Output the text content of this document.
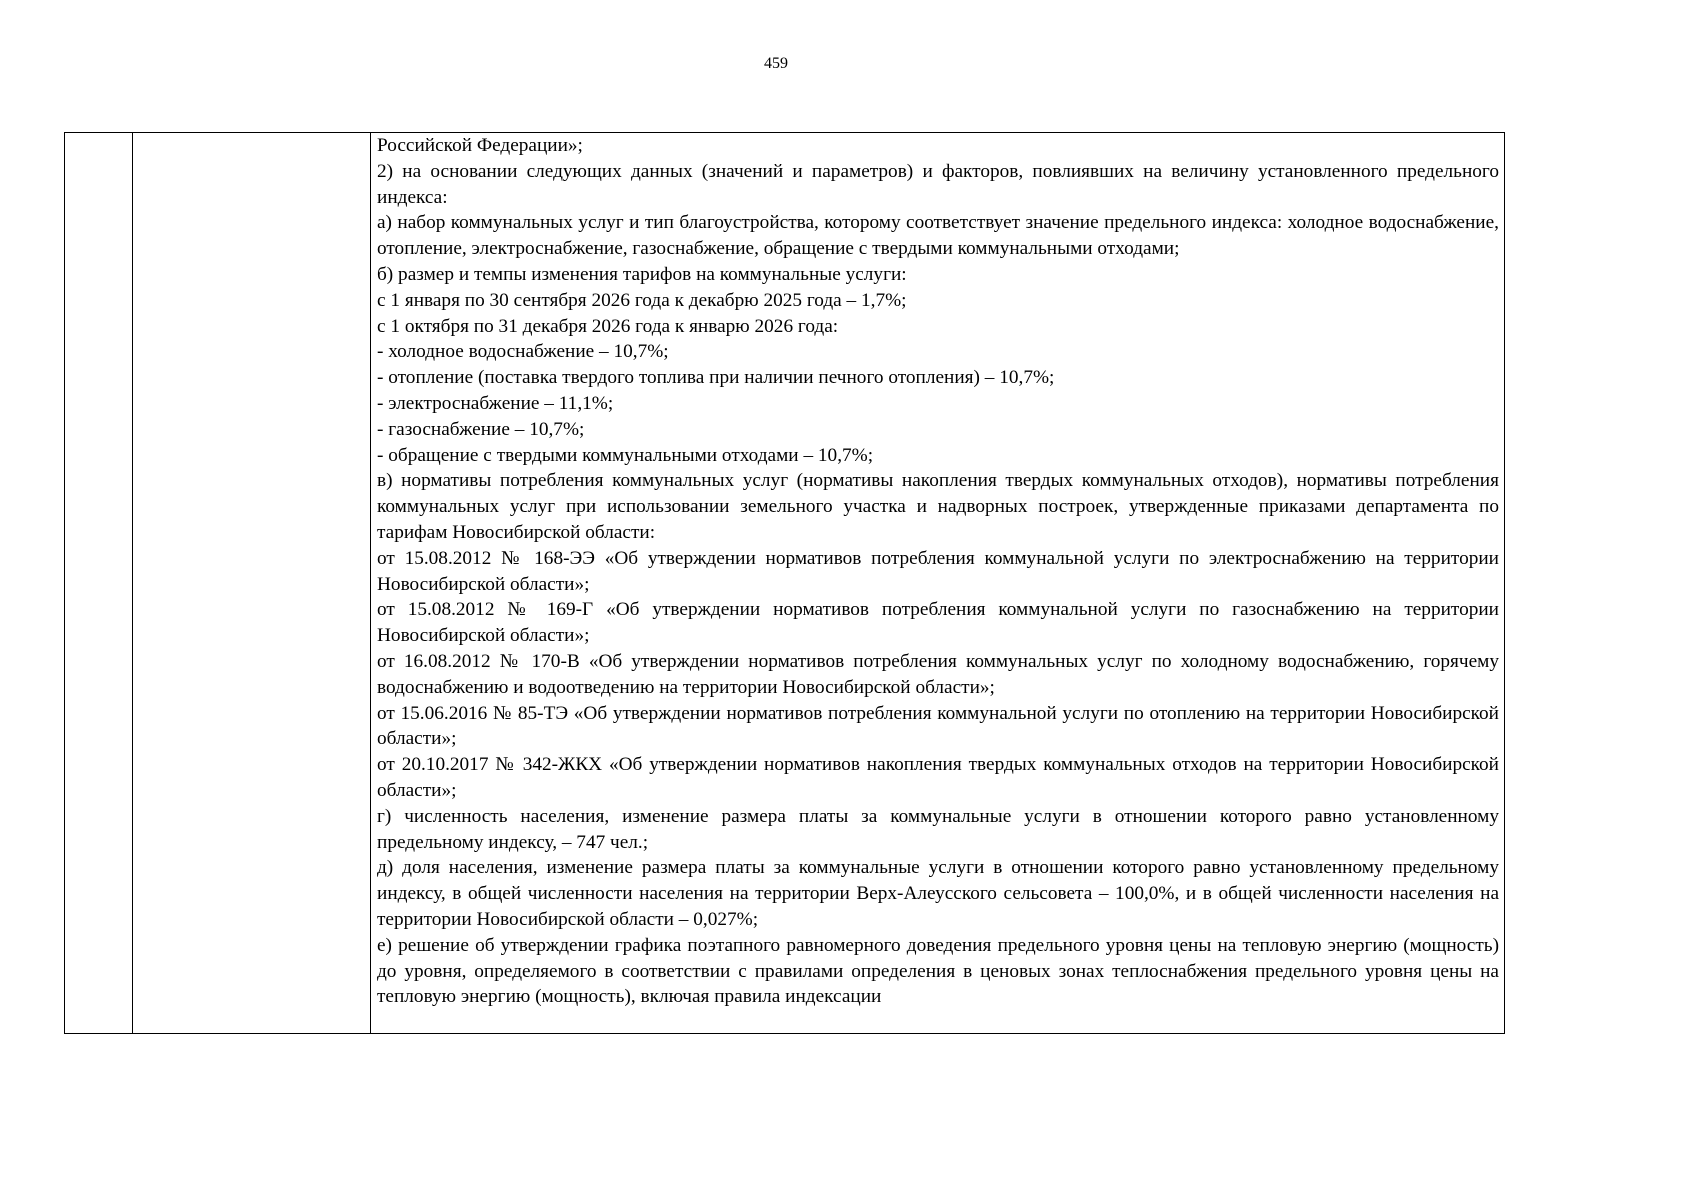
459

Российской Федерации»;

2) на основании следующих данных (значений и параметров) и факторов, повлиявших на величину установленного предельного индекса:

а) набор коммунальных услуг и тип благоустройства, которому соответствует значение предельного индекса: холодное водоснабжение, отопление, электроснабжение, газоснабжение, обращение с твердыми коммунальными отходами;

б) размер и темпы изменения тарифов на коммунальные услуги:

с 1 января по 30 сентября 2026 года к декабрю 2025 года – 1,7%;

с 1 октября по 31 декабря 2026 года к январю 2026 года:

- холодное водоснабжение – 10,7%;

- отопление (поставка твердого топлива при наличии печного отопления) – 10,7%;

- электроснабжение – 11,1%;

- газоснабжение – 10,7%;

- обращение с твердыми коммунальными отходами – 10,7%;

в) нормативы потребления коммунальных услуг (нормативы накопления твердых коммунальных отходов), нормативы потребления коммунальных услуг при использовании земельного участка и надворных построек, утвержденные приказами департамента по тарифам Новосибирской области:

от 15.08.2012 № 168-ЭЭ «Об утверждении нормативов потребления коммунальной услуги по электроснабжению на территории Новосибирской области»;

от 15.08.2012 № 169-Г «Об утверждении нормативов потребления коммунальной услуги по газоснабжению на территории Новосибирской области»;

от 16.08.2012 № 170-В «Об утверждении нормативов потребления коммунальных услуг по холодному водоснабжению, горячему водоснабжению и водоотведению на территории Новосибирской области»;

от 15.06.2016 № 85-ТЭ «Об утверждении нормативов потребления коммунальной услуги по отоплению на территории Новосибирской области»;

от 20.10.2017 № 342-ЖКХ «Об утверждении нормативов накопления твердых коммунальных отходов на территории Новосибирской области»;

г) численность населения, изменение размера платы за коммунальные услуги в отношении которого равно установленному предельному индексу, – 747 чел.;

д) доля населения, изменение размера платы за коммунальные услуги в отношении которого равно установленному предельному индексу, в общей численности населения на территории Верх-Алеусского сельсовета – 100,0%, и в общей численности населения на территории Новосибирской области – 0,027%;

е) решение об утверждении графика поэтапного равномерного доведения предельного уровня цены на тепловую энергию (мощность) до уровня, определяемого в соответствии с правилами определения в ценовых зонах теплоснабжения предельного уровня цены на тепловую энергию (мощность), включая правила индексации
